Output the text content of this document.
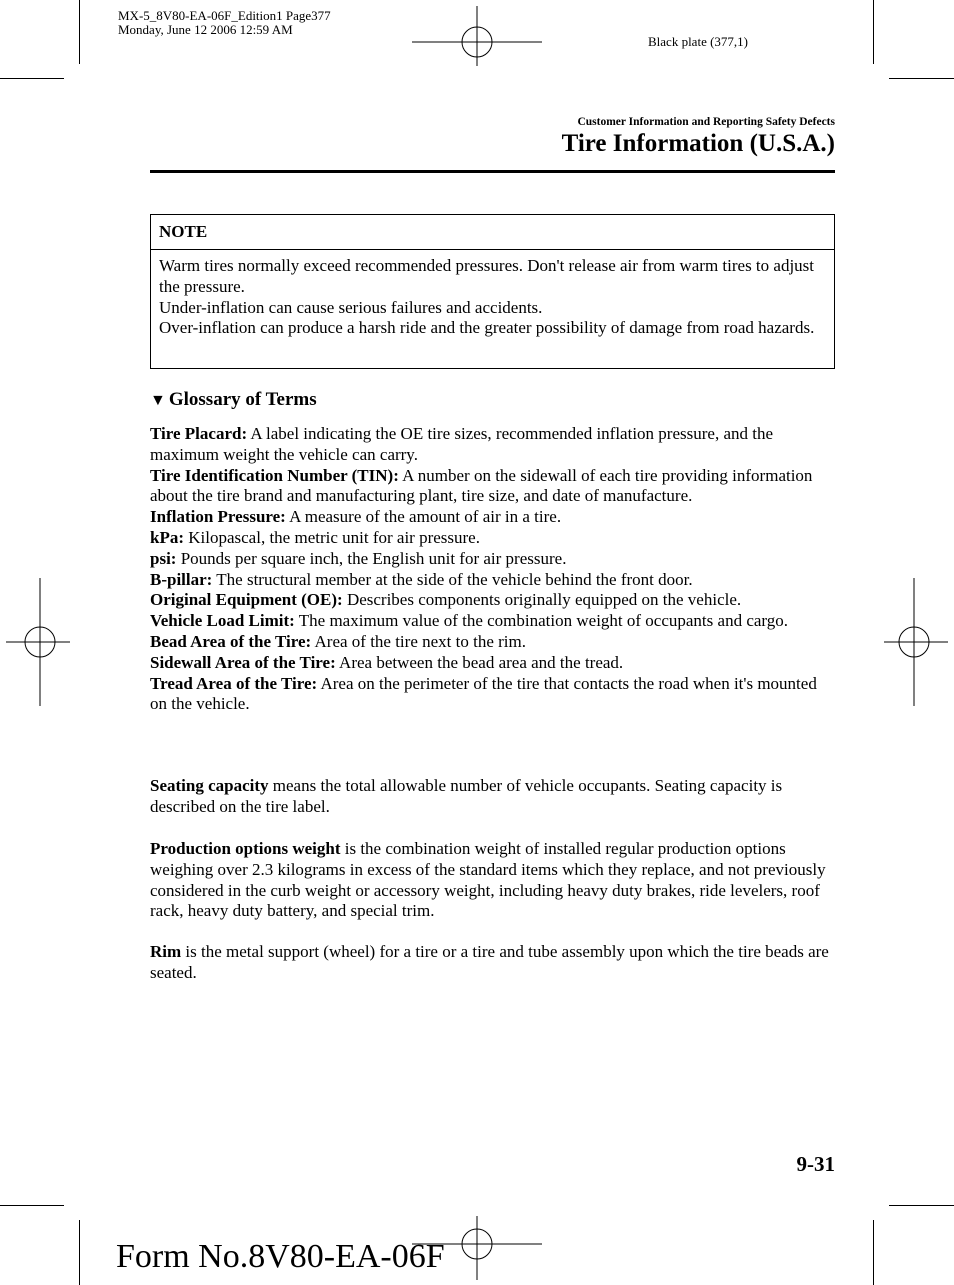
MX-5_8V80-EA-06F_Edition1 Page377
Monday, June 12 2006 12:59 AM
Black plate (377,1)
Customer Information and Reporting Safety Defects
Tire Information (U.S.A.)
NOTE
Warm tires normally exceed recommended pressures. Don't release air from warm tires to adjust the pressure.
Under-inflation can cause serious failures and accidents.
Over-inflation can produce a harsh ride and the greater possibility of damage from road hazards.
▼ Glossary of Terms

Tire Placard: A label indicating the OE tire sizes, recommended inflation pressure, and the maximum weight the vehicle can carry.

Tire Identification Number (TIN): A number on the sidewall of each tire providing information about the tire brand and manufacturing plant, tire size, and date of manufacture.

Inflation Pressure: A measure of the amount of air in a tire.

kPa: Kilopascal, the metric unit for air pressure.

psi: Pounds per square inch, the English unit for air pressure.

B-pillar: The structural member at the side of the vehicle behind the front door.

Original Equipment (OE): Describes components originally equipped on the vehicle.

Vehicle Load Limit: The maximum value of the combination weight of occupants and cargo.

Bead Area of the Tire: Area of the tire next to the rim.

Sidewall Area of the Tire: Area between the bead area and the tread.

Tread Area of the Tire: Area on the perimeter of the tire that contacts the road when it's mounted on the vehicle.

Seating capacity means the total allowable number of vehicle occupants. Seating capacity is described on the tire label.

Production options weight is the combination weight of installed regular production options weighing over 2.3 kilograms in excess of the standard items which they replace, and not previously considered in the curb weight or accessory weight, including heavy duty brakes, ride levelers, roof rack, heavy duty battery, and special trim.

Rim is the metal support (wheel) for a tire or a tire and tube assembly upon which the tire beads are seated.

9-31
Form No.8V80-EA-06F
